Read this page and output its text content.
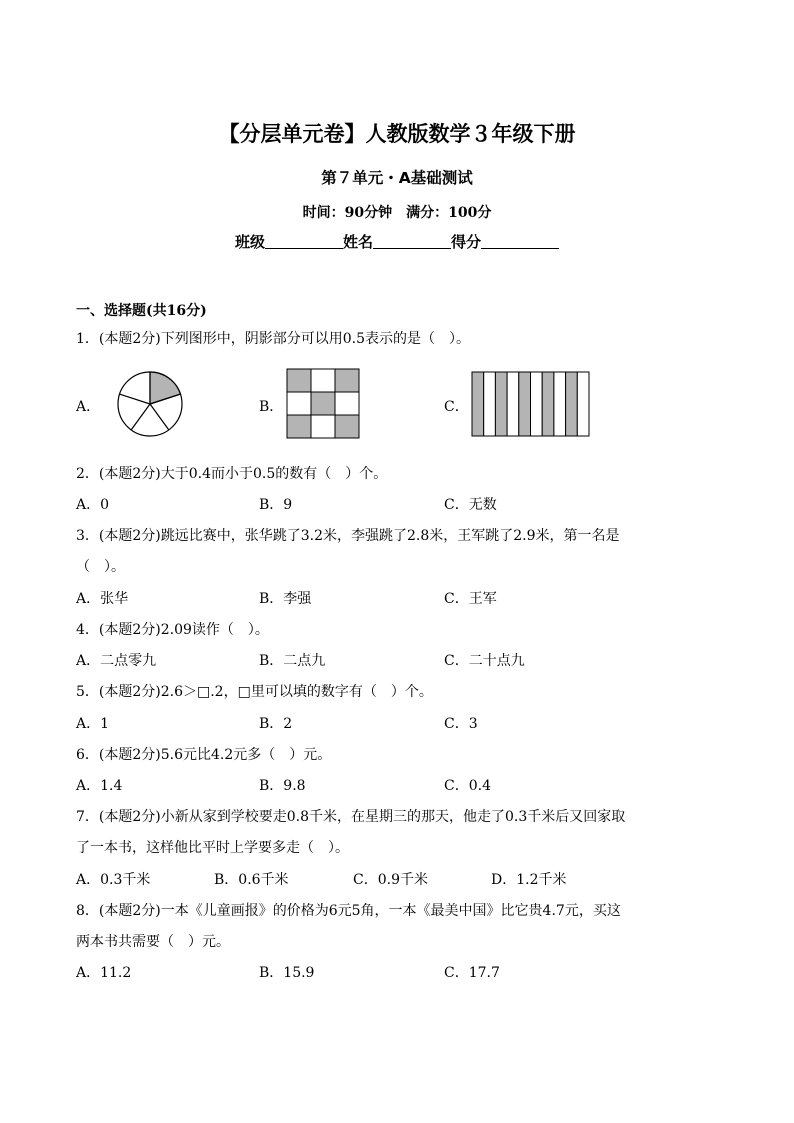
【分层单元卷】人教版数学３年级下册
第７单元・A基础测试
时间：90分钟　满分：100分
班级	姓名	得分
一、选择题(共16分)
1．(本题2分)下列图形中，阴影部分可以用0.5表示的是（　）。
A．	B．	C．
2．(本题2分)大于0.4而小于0.5的数有（　）个。
A．0	B．9	C．无数
3．(本题2分)跳远比赛中，张华跳了3.2米，李强跳了2.8米，王军跳了2.9米，第一名是
（　）。
A．张华	B．李强	C．王军
4．(本题2分)2.09读作（　）。
A．二点零九	B．二点九	C．二十点九
5．(本题2分)2.6＞□.2，□里可以填的数字有（　）个。
A．1	B．2	C．3
6．(本题2分)5.6元比4.2元多（　）元。
A．1.4	B．9.8	C．0.4
7．(本题2分)小新从家到学校要走0.8千米，在星期三的那天，他走了0.3千米后又回家取
了一本书，这样他比平时上学要多走（　）。
A．0.3千米	B．0.6千米	C．0.9千米	D．1.2千米
8．(本题2分)一本《儿童画报》的价格为6元5角，一本《最美中国》比它贵4.7元，买这
两本书共需要（　）元。
A．11.2	B．15.9	C．17.7
